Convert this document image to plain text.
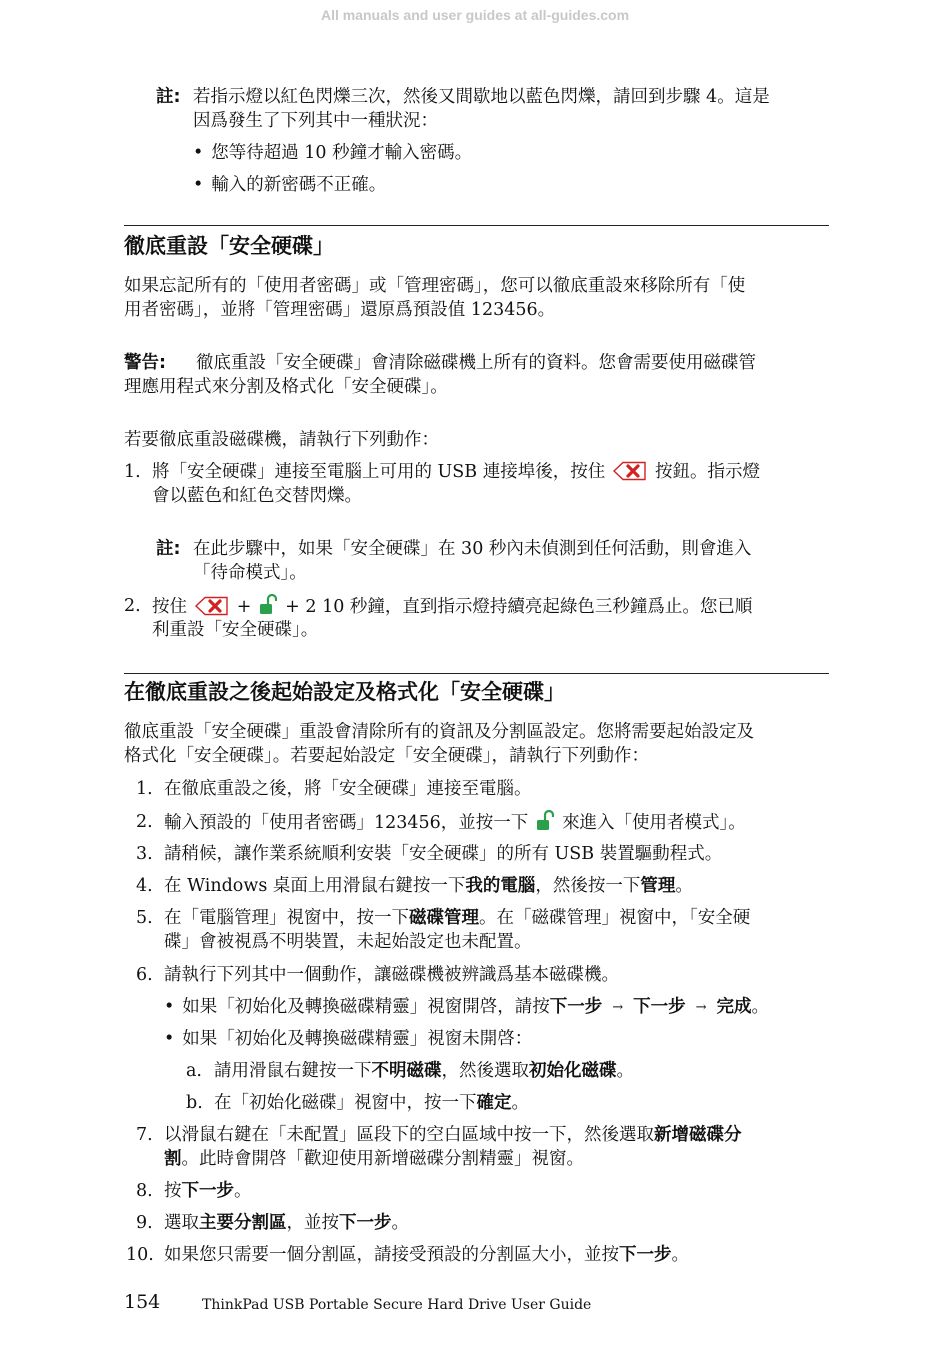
All manuals and user guides at all-guides.com
註: 若指示燈以紅色閃爍三次，然後又間歇地以藍色閃爍，請回到步驟 4。這是
因爲發生了下列其中一種狀況：
• 您等待超過 10 秒鐘才輸入密碼。
• 輸入的新密碼不正確。
徹底重設「安全硬碟」
如果忘記所有的「使用者密碼」或「管理密碼」，您可以徹底重設來移除所有「使
用者密碼」，並將「管理密碼」還原爲預設值 123456。
警告: 徹底重設「安全硬碟」會清除磁碟機上所有的資料。您會需要使用磁碟管
理應用程式來分割及格式化「安全硬碟」。
若要徹底重設磁碟機，請執行下列動作：
1. 將「安全硬碟」連接至電腦上可用的 USB 連接埠後，按住	按鈕。指示燈
會以藍色和紅色交替閃爍。
註: 在此步驟中，如果「安全硬碟」在 30 秒內未偵測到任何活動，則會進入
「待命模式」。
2. 按住	+ + 2 10 秒鐘，直到指示燈持續亮起綠色三秒鐘爲止。您已順
利重設「安全硬碟」。
在徹底重設之後起始設定及格式化「安全硬碟」
徹底重設「安全硬碟」重設會清除所有的資訊及分割區設定。您將需要起始設定及
格式化「安全硬碟」。若要起始設定「安全硬碟」，請執行下列動作：
1. 在徹底重設之後，將「安全硬碟」連接至電腦。
2. 輸入預設的「使用者密碼」123456，並按一下 來進入「使用者模式」。
3. 請稍候，讓作業系統順利安裝「安全硬碟」的所有 USB 裝置驅動程式。
4. 在 Windows 桌面上用滑鼠右鍵按一下我的電腦，然後按一下管理。
5. 在「電腦管理」視窗中，按一下磁碟管理。在「磁碟管理」視窗中，「安全硬
碟」會被視爲不明裝置，未起始設定也未配置。
6. 請執行下列其中一個動作，讓磁碟機被辨識爲基本磁碟機。
• 如果「初始化及轉換磁碟精靈」視窗開啓，請按下一步 → 下一步 → 完成。
• 如果「初始化及轉換磁碟精靈」視窗未開啓：
a. 請用滑鼠右鍵按一下不明磁碟，然後選取初始化磁碟。
b. 在「初始化磁碟」視窗中，按一下確定。
7. 以滑鼠右鍵在「未配置」區段下的空白區域中按一下，然後選取新增磁碟分
割。此時會開啓「歡迎使用新增磁碟分割精靈」視窗。
8. 按下一步。
9. 選取主要分割區，並按下一步。
10. 如果您只需要一個分割區，請接受預設的分割區大小，並按下一步。
154	ThinkPad USB Portable Secure Hard Drive User Guide
